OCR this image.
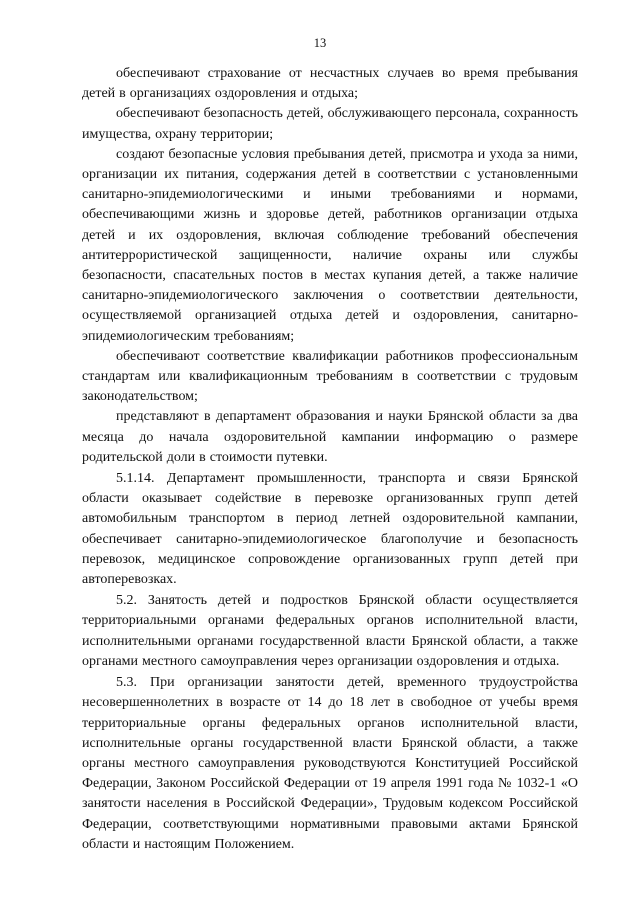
13

обеспечивают страхование от несчастных случаев во время пребывания детей в организациях оздоровления и отдыха;

обеспечивают безопасность детей, обслуживающего персонала, сохранность имущества, охрану территории;

создают безопасные условия пребывания детей, присмотра и ухода за ними, организации их питания, содержания детей в соответствии с установленными санитарно-эпидемиологическими и иными требованиями и нормами, обеспечивающими жизнь и здоровье детей, работников организации отдыха детей и их оздоровления, включая соблюдение требований обеспечения антитеррористической защищенности, наличие охраны или службы безопасности, спасательных постов в местах купания детей, а также наличие санитарно-эпидемиологического заключения о соответствии деятельности, осуществляемой организацией отдыха детей и оздоровления, санитарно-эпидемиологическим требованиям;

обеспечивают соответствие квалификации работников профессиональным стандартам или квалификационным требованиям в соответствии с трудовым законодательством;

представляют в департамент образования и науки Брянской области за два месяца до начала оздоровительной кампании информацию о размере родительской доли в стоимости путевки.

5.1.14. Департамент промышленности, транспорта и связи Брянской области оказывает содействие в перевозке организованных групп детей автомобильным транспортом в период летней оздоровительной кампании, обеспечивает санитарно-эпидемиологическое благополучие и безопасность перевозок, медицинское сопровождение организованных групп детей при автоперевозках.

5.2. Занятость детей и подростков Брянской области осуществляется территориальными органами федеральных органов исполнительной власти, исполнительными органами государственной власти Брянской области, а также органами местного самоуправления через организации оздоровления и отдыха.

5.3. При организации занятости детей, временного трудоустройства несовершеннолетних в возрасте от 14 до 18 лет в свободное от учебы время территориальные органы федеральных органов исполнительной власти, исполнительные органы государственной власти Брянской области, а также органы местного самоуправления руководствуются Конституцией Российской Федерации, Законом Российской Федерации от 19 апреля 1991 года № 1032-1 «О занятости населения в Российской Федерации», Трудовым кодексом Российской Федерации, соответствующими нормативными правовыми актами Брянской области и настоящим Положением.
